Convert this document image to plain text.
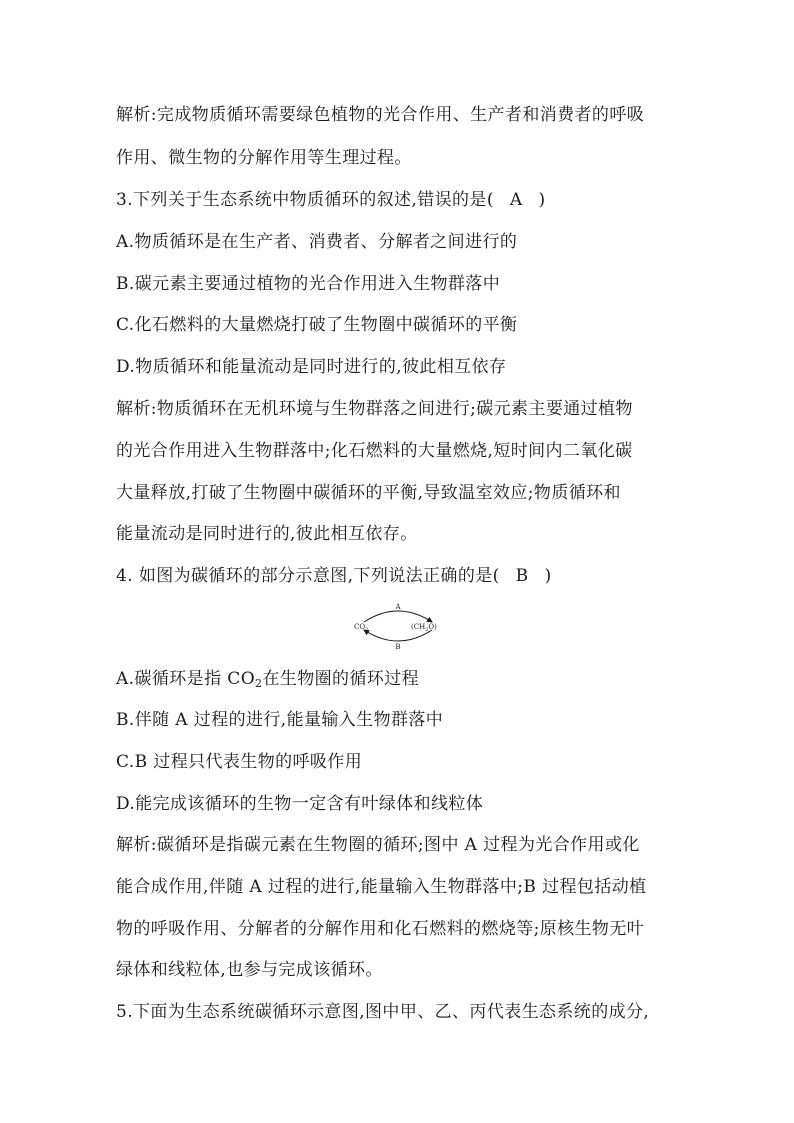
解析:完成物质循环需要绿色植物的光合作用、生产者和消费者的呼吸
作用、微生物的分解作用等生理过程。
3.下列关于生态系统中物质循环的叙述,错误的是( A )
A.物质循环是在生产者、消费者、分解者之间进行的
B.碳元素主要通过植物的光合作用进入生物群落中
C.化石燃料的大量燃烧打破了生物圈中碳循环的平衡
D.物质循环和能量流动是同时进行的,彼此相互依存
解析:物质循环在无机环境与生物群落之间进行;碳元素主要通过植物
的光合作用进入生物群落中;化石燃料的大量燃烧,短时间内二氧化碳
大量释放,打破了生物圈中碳循环的平衡,导致温室效应;物质循环和
能量流动是同时进行的,彼此相互依存。
4. 如图为碳循环的部分示意图,下列说法正确的是( B )
A
B
$CO_2$	$(CH_2O)$
A.碳循环是指 $CO_2$在生物圈的循环过程
B.伴随 A 过程的进行,能量输入生物群落中
C.B 过程只代表生物的呼吸作用
D.能完成该循环的生物一定含有叶绿体和线粒体
解析:碳循环是指碳元素在生物圈的循环;图中 A 过程为光合作用或化
能合成作用,伴随 A 过程的进行,能量输入生物群落中;B 过程包括动植
物的呼吸作用、分解者的分解作用和化石燃料的燃烧等;原核生物无叶
绿体和线粒体,也参与完成该循环。
5.下面为生态系统碳循环示意图,图中甲、乙、丙代表生态系统的成分,
